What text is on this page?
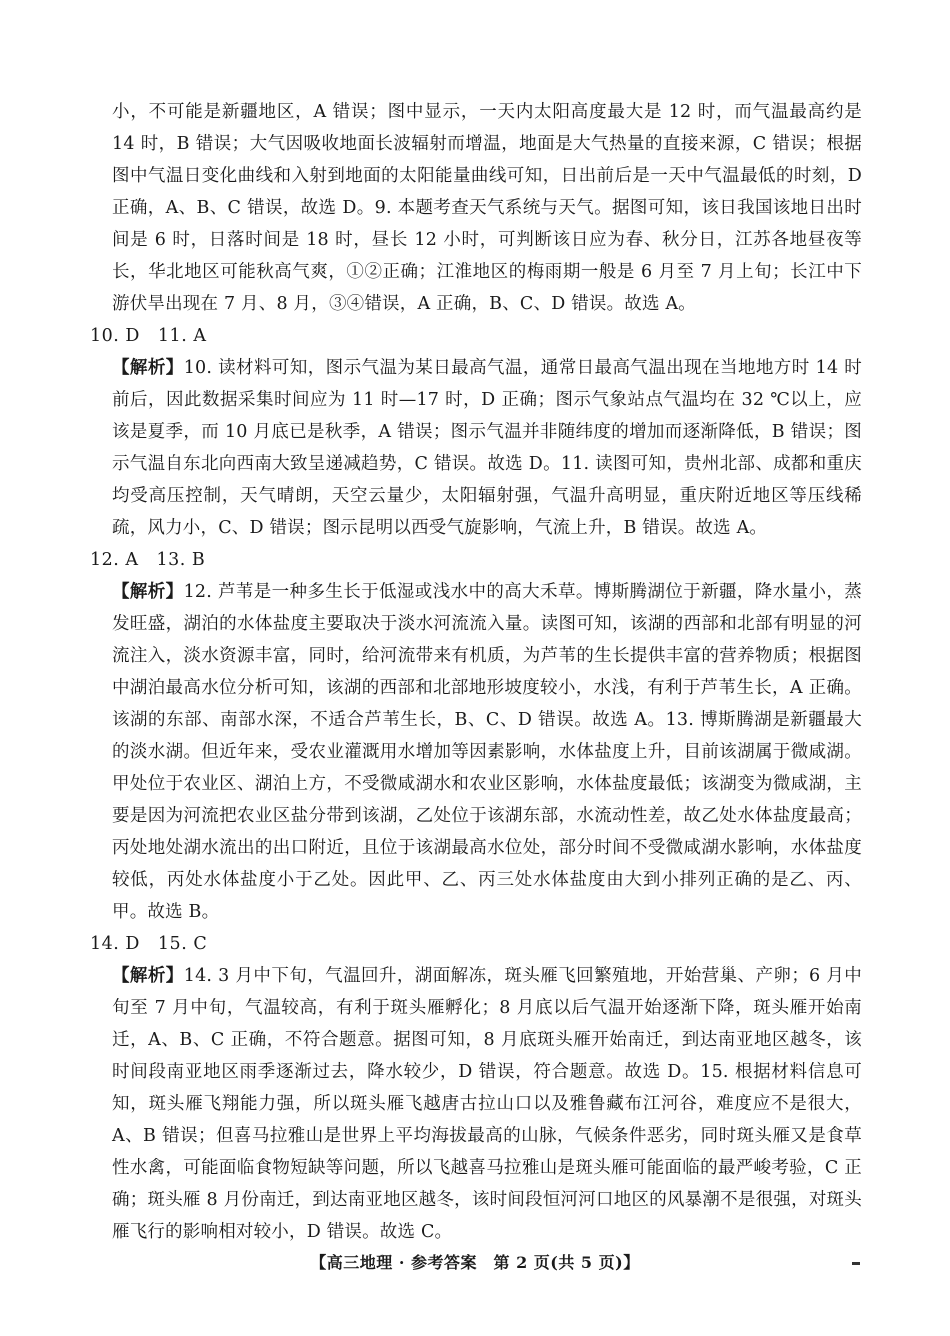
小，不可能是新疆地区，A 错误；图中显示，一天内太阳高度最大是 12 时，而气温最高约是 14 时，B 错误；大气因吸收地面长波辐射而增温，地面是大气热量的直接来源，C 错误；根据图中气温日变化曲线和入射到地面的太阳能量曲线可知，日出前后是一天中气温最低的时刻，D 正确，A、B、C 错误，故选 D。9. 本题考查天气系统与天气。据图可知，该日我国该地日出时间是 6 时，日落时间是 18 时，昼长 12 小时，可判断该日应为春、秋分日，江苏各地昼夜等长，华北地区可能秋高气爽，①②正确；江淮地区的梅雨期一般是 6 月至 7 月上旬；长江中下游伏旱出现在 7 月、8 月，③④错误，A 正确，B、C、D 错误。故选 A。

10. D　11. A

【解析】10. 读材料可知，图示气温为某日最高气温，通常日最高气温出现在当地地方时 14 时前后，因此数据采集时间应为 11 时—17 时，D 正确；图示气象站点气温均在 32 ℃以上，应该是夏季，而 10 月底已是秋季，A 错误；图示气温并非随纬度的增加而逐渐降低，B 错误；图示气温自东北向西南大致呈递减趋势，C 错误。故选 D。11. 读图可知，贵州北部、成都和重庆均受高压控制，天气晴朗，天空云量少，太阳辐射强，气温升高明显，重庆附近地区等压线稀疏，风力小，C、D 错误；图示昆明以西受气旋影响，气流上升，B 错误。故选 A。

12. A　13. B

【解析】12. 芦苇是一种多生长于低湿或浅水中的高大禾草。博斯腾湖位于新疆，降水量小，蒸发旺盛，湖泊的水体盐度主要取决于淡水河流流入量。读图可知，该湖的西部和北部有明显的河流注入，淡水资源丰富，同时，给河流带来有机质，为芦苇的生长提供丰富的营养物质；根据图中湖泊最高水位分析可知，该湖的西部和北部地形坡度较小，水浅，有利于芦苇生长，A 正确。该湖的东部、南部水深，不适合芦苇生长，B、C、D 错误。故选 A。13. 博斯腾湖是新疆最大的淡水湖。但近年来，受农业灌溉用水增加等因素影响，水体盐度上升，目前该湖属于微咸湖。甲处位于农业区、湖泊上方，不受微咸湖水和农业区影响，水体盐度最低；该湖变为微咸湖，主要是因为河流把农业区盐分带到该湖，乙处位于该湖东部，水流动性差，故乙处水体盐度最高；丙处地处湖水流出的出口附近，且位于该湖最高水位处，部分时间不受微咸湖水影响，水体盐度较低，丙处水体盐度小于乙处。因此甲、乙、丙三处水体盐度由大到小排列正确的是乙、丙、甲。故选 B。

14. D　15. C

【解析】14. 3 月中下旬，气温回升，湖面解冻，斑头雁飞回繁殖地，开始营巢、产卵；6 月中旬至 7 月中旬，气温较高，有利于斑头雁孵化；8 月底以后气温开始逐渐下降，斑头雁开始南迁，A、B、C 正确，不符合题意。据图可知，8 月底斑头雁开始南迁，到达南亚地区越冬，该时间段南亚地区雨季逐渐过去，降水较少，D 错误，符合题意。故选 D。15. 根据材料信息可知，斑头雁飞翔能力强，所以斑头雁飞越唐古拉山口以及雅鲁藏布江河谷，难度应不是很大，A、B 错误；但喜马拉雅山是世界上平均海拔最高的山脉，气候条件恶劣，同时斑头雁又是食草性水禽，可能面临食物短缺等问题，所以飞越喜马拉雅山是斑头雁可能面临的最严峻考验，C 正确；斑头雁 8 月份南迁，到达南亚地区越冬，该时间段恒河河口地区的风暴潮不是很强，对斑头雁飞行的影响相对较小，D 错误。故选 C。

【高三地理 · 参考答案　第 2 页(共 5 页)】
